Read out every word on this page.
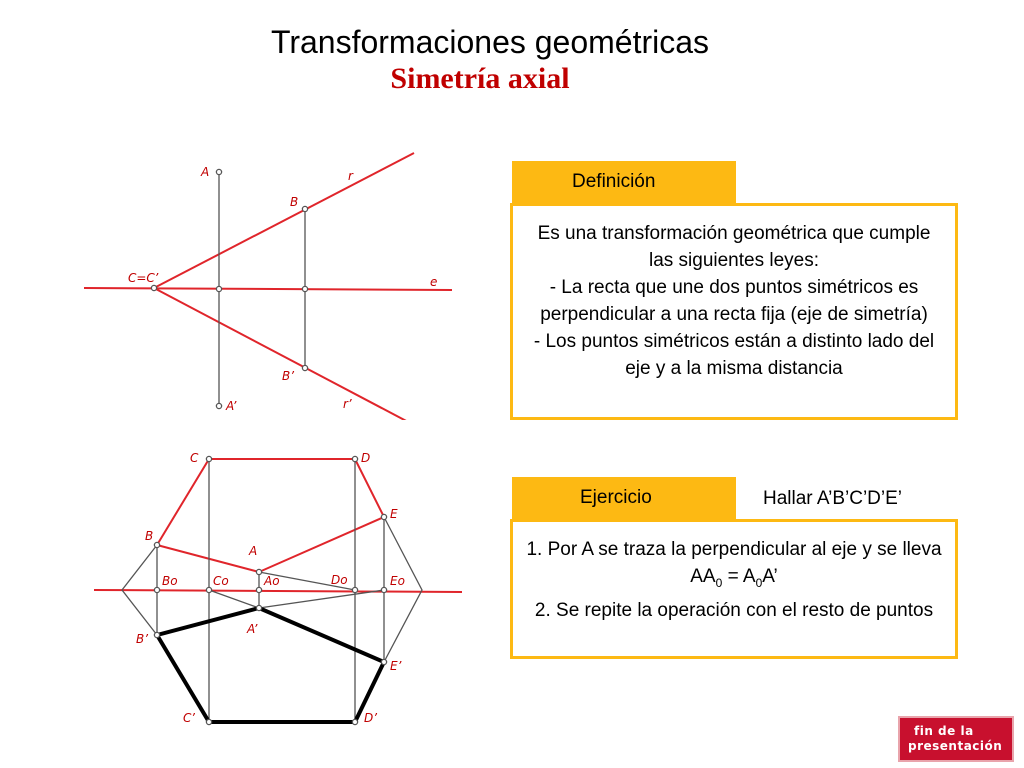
Transformaciones geométricas
Simetría axial
A	r
B
C=C’	e
B’
A’	r’
C	D
E
B
A
Bo	Co	Ao	Do	Eo
A’
B’
E’
C’	D’
Definición

Es una transformación geométrica que cumple las siguientes leyes:

- La recta que une dos puntos simétricos es perpendicular a una recta fija (eje de simetría)

- Los puntos simétricos están a distinto lado del eje y a la misma distancia

Ejercicio	Hallar A’B’C’D’E’

1. Por A se traza la perpendicular al eje y se lleva $AA_0 = A_0A$’

2. Se repite la operación con el resto de puntos

fin de la
presentación
